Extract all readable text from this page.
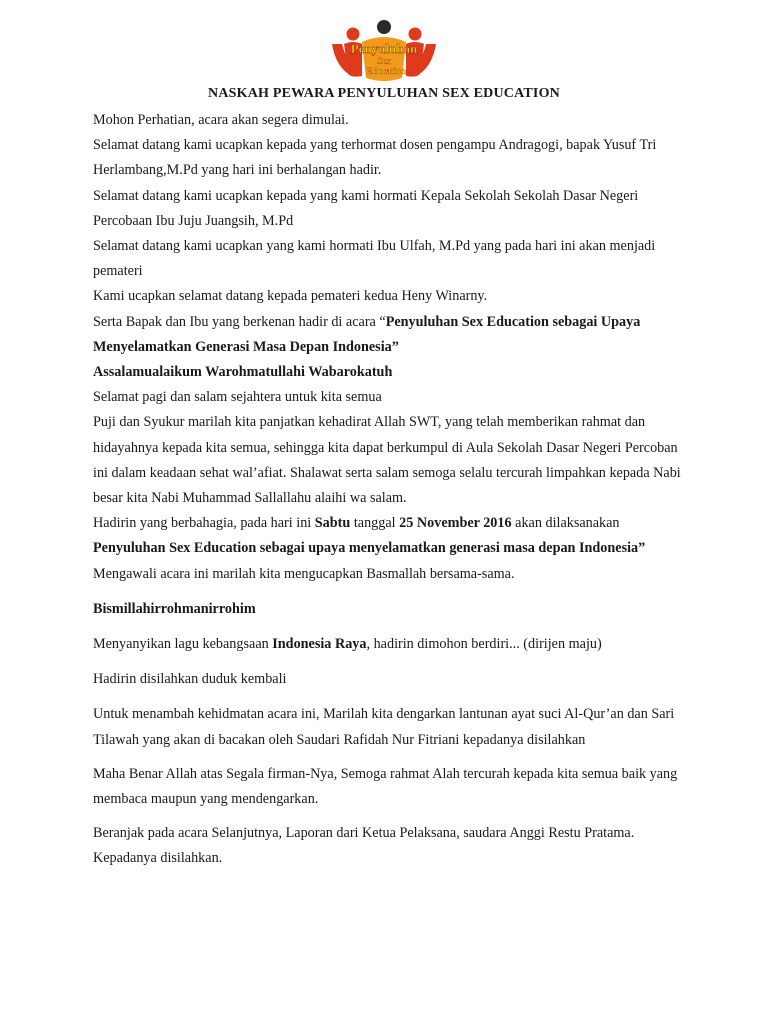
Penyuluhan
Sex
Education
NASKAH PEWARA PENYULUHAN SEX EDUCATION

Mohon Perhatian, acara akan segera dimulai.

Selamat datang kami ucapkan kepada yang terhormat dosen pengampu Andragogi, bapak Yusuf Tri Herlambang,M.Pd yang hari ini berhalangan hadir.

Selamat datang kami ucapkan kepada yang kami hormati Kepala Sekolah Sekolah Dasar Negeri Percobaan Ibu Juju Juangsih, M.Pd

Selamat datang kami ucapkan yang kami hormati Ibu Ulfah, M.Pd yang pada hari ini akan menjadi pemateri

Kami ucapkan selamat datang kepada pemateri kedua Heny Winarny.

Serta Bapak dan Ibu yang berkenan hadir di acara “Penyuluhan Sex Education sebagai Upaya Menyelamatkan Generasi Masa Depan Indonesia”

Assalamualaikum Warohmatullahi Wabarokatuh

Selamat pagi dan salam sejahtera untuk kita semua

Puji dan Syukur marilah kita panjatkan kehadirat Allah SWT, yang telah memberikan rahmat dan hidayahnya kepada kita semua, sehingga kita dapat berkumpul di Aula Sekolah Dasar Negeri Percoban ini dalam keadaan sehat wal’afiat. Shalawat serta salam semoga selalu tercurah limpahkan kepada Nabi besar kita Nabi Muhammad Sallallahu alaihi wa salam.

Hadirin yang berbahagia, pada hari ini Sabtu tanggal 25 November 2016 akan dilaksanakan

Penyuluhan Sex Education sebagai upaya menyelamatkan generasi masa depan Indonesia”

Mengawali acara ini marilah kita mengucapkan Basmallah bersama-sama.

Bismillahirrohmanirrohim

Menyanyikan lagu kebangsaan Indonesia Raya, hadirin dimohon berdiri... (dirijen maju)

Hadirin disilahkan duduk kembali

Untuk menambah kehidmatan acara ini, Marilah kita dengarkan lantunan ayat suci Al-Qur’an dan Sari Tilawah yang akan di bacakan oleh Saudari Rafidah Nur Fitriani kepadanya disilahkan

Maha Benar Allah atas Segala firman-Nya, Semoga rahmat Alah tercurah kepada kita semua baik yang membaca maupun yang mendengarkan.

Beranjak pada acara Selanjutnya, Laporan dari Ketua Pelaksana, saudara Anggi Restu Pratama. Kepadanya disilahkan.
